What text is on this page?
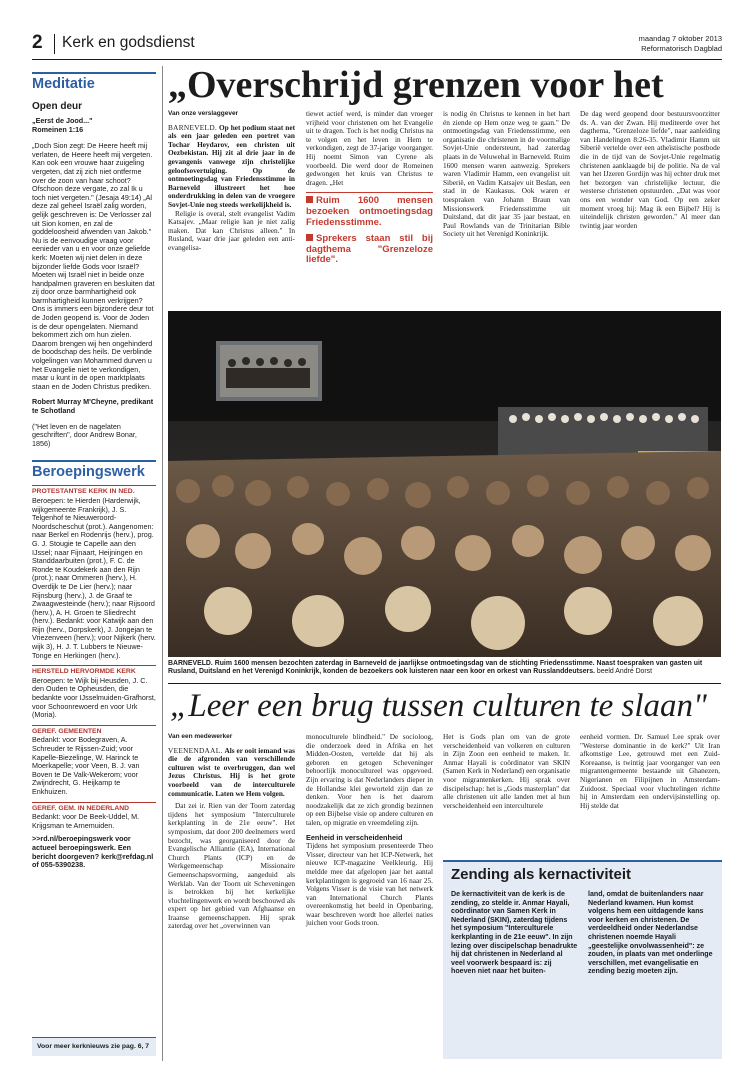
2 Kerk en godsdienst	maandag 7 oktober 2013
Reformatorisch Dagblad
Meditatie
Open deur
„Eerst de Jood..."
Romeinen 1:16

„Doch Sion zegt: De Heere heeft mij verlaten, de Heere heeft mij vergeten. Kan ook een vrouwe haar zuigeling vergeten, dat zij zich niet ontferme over de zoon van haar schoot? Ofschoon deze vergate, zo zal Ik u toch niet vergeten." (Jesaja 49:14) „Al deze zal geheel Israël zalig worden, gelijk geschreven is: De Verlosser zal uit Sion komen, en zal de goddeloosheid afwenden van Jakob." Nu is de eenvoudige vraag voor eenieder van u en voor onze geliefde kerk: Moeten wij niet delen in deze bijzonder liefde Gods voor Israël? Moeten wij Israël niet in beide onze handpalmen graveren en besluiten dat zij door onze barmhartigheid ook barmhartigheid kunnen verkrijgen? Ons is immers een bijzondere deur tot de Joden geopend is. Voor de Joden is de deur opengelaten. Niemand bekommert zich om hun zielen. Daarom brengen wij hen ongehinderd de boodschap des heils. De verblinde volgelingen van Mohammed durven u het Evangelie niet te verkondigen, maar u kunt in de open marktplaats staan en de Joden Christus prediken.

Robert Murray M'Cheyne, predikant te Schotland

("Het leven en de nagelaten geschriften", door Andrew Bonar, 1856)

Beroepingswerk
PROTESTANTSE KERK IN NED.

Beroepen: te Hierden (Harderwijk, wijkgemeente Frankrijk), J. S. Telgenhof te Nieuweroord-Noordscheschut (prot.). Aangenomen: naar Berkel en Rodenrijs (herv.), prog. G. J. Stougie te Capelle aan den IJssel; naar Fijnaart, Heijningen en Standdaarbuiten (prot.), F. C. de Ronde te Koudekerk aan den Rijn (prot.); naar Ommeren (herv.), H. Overdijk te De Lier (herv.); naar Rijnsburg (herv.), J. de Graaf te Zwaagwesteinde (herv.); naar Rijsoord (herv.), A. H. Groen te Sliedrecht (herv.). Bedankt: voor Katwijk aan den Rijn (herv., Dorpskerk), J. Jongejan te Vriezenveen (herv.); voor Nijkerk (herv. wijk 3), H. J. T. Lubbers te Nieuwe-Tonge en Herkingen (herv.).

HERSTELD HERVORMDE KERK

Beroepen: te Wijk bij Heusden, J. C. den Ouden te Opheusden, die bedankte voor IJsselmuiden-Grafhorst, voor Schoonrewoerd en voor Urk (Moria).

GEREF. GEMEENTEN

Bedankt: voor Bodegraven, A. Schreuder te Rijssen-Zuid; voor Kapelle-Biezelinge, W. Harinck te Moerkapelle; voor Veen, B. J. van Boven te De Valk-Wekerom; voor Zwijndrecht, G. Heijkamp te Enkhuizen.

GEREF. GEM. IN NEDERLAND

Bedankt: voor De Beek-Uddel, M. Krijgsman te Arnemuiden.

>>rd.nl/beroepingswerk voor actueel beroepingswerk. Een bericht doorgeven? kerk@refdag.nl of 055-5390238.

Voor meer kerknieuws zie pag. 6, 7
„Overschrijd grenzen voor het
Van onze verslaggever

BARNEVELD. Op het podium staat net als een jaar geleden een portret van Tochar Heydarov, een christen uit Oezbekistan. Hij zit al drie jaar in de gevangenis vanwege zijn christelijke geloofsovertuiging. Op de ontmoetingsdag van Friedensstimme in Barneveld illustreert het hoe onderdrukking in delen van de vroegere Sovjet-Unie nog steeds werkelijkheid is.

Religie is overal, stelt evangelist Vadim Katsajev. „Maar religie kan je niet zalig maken. Dat kan Christus alleen." In Rusland, waar drie jaar geleden een anti-evangelisa-

tiewet actief werd, is minder dan vroeger vrijheid voor christenen om het Evangelie uit te dragen. Toch is het nodig Christus na te volgen en het leven in Hem te verkondigen, zegt de 37-jarige voorganger. Hij noemt Simon van Cyrene als voorbeeld. Die werd door de Romeinen gedwongen het kruis van Christus te dragen. „Het

Ruim 1600 mensen bezoeken ontmoetingsdag Friedensstimme.
Sprekers staan stil bij dagthema "Grenzeloze liefde".

is nodig én Christus te kennen in het hart én ziende op Hem onze weg te gaan." De ontmoetingsdag van Friedensstimme, een organisatie die christenen in de voormalige Sovjet-Unie ondersteunt, had zaterdag plaats in de Veluwehal in Barneveld. Ruim 1600 mensen waren aanwezig. Sprekers waren Vladimir Hamm, een evangelist uit Siberië, en Vadim Katsajev uit Beslan, een stad in de Kaukasus. Ook waren er toespraken van Johann Braun van Missionswerk Friedensstimme uit Duitsland, dat dit jaar 35 jaar bestaat, en Paul Rowlands van de Trinitarian Bible Society uit het Verenigd Koninkrijk.

De dag werd geopend door bestuursvoorzitter ds. A. van der Zwan. Hij mediteerde over het dagthema, "Grenzeloze liefde", naar aanleiding van Handelingen 8:26-35. Vladimir Hamm uit Siberië vertelde over een atheïstische postbode die in de tijd van de Sovjet-Unie regelmatig christenen aanklaagde bij de politie. Na de val van het IJzeren Gordijn was hij echter druk met het bezorgen van christelijke lectuur, die westerse christenen opstuurden. „Dat was voor ons een wonder van God. Op een zeker moment vroeg hij: Mag ik een Bijbel? Hij is uiteindelijk christen geworden." Al meer dan twintig jaar worden

BARNEVELD. Ruim 1600 mensen bezochten zaterdag in Barneveld de jaarlijkse ontmoetingsdag van de stichting Friedensstimme. Naast toespraken van gasten uit Rusland, Duitsland en het Verenigd Koninkrijk, konden de bezoekers ook luisteren naar een koor en orkest van Russlanddeutsers. beeld André Dorst
„Leer een brug tussen culturen te slaan"
Van een medewerker

VEENENDAAL. Als er ooit iemand was die de afgronden van verschillende culturen wist te overbruggen, dan wel Jezus Christus. Hij is het grote voorbeeld van de interculturele communicatie. Laten we Hem volgen.

Dat zei ir. Rien van der Toorn zaterdag tijdens het symposium "Interculturele kerkplanting in de 21e eeuw". Het symposium, dat door 200 deelnemers werd bezocht, was georganiseerd door de Evangelische Alliantie (EA), International Church Plants (ICP) en de Werkgemeenschap Missionaire Gemeenschapsvorming, aangeduid als Werklab. Van der Toorn uit Scheveningen is betrokken bij het kerkelijke vluchtelingenwerk en wordt beschouwd als expert op het gebied van Afghaanse en Iraanse gemeenschappen. Hij sprak zaterdag over het „overwinnen van

monoculturele blindheid." De socioloog, die onderzoek deed in Afrika en het Midden-Oosten, vertelde dat hij als geboren en getogen Scheveninger behoorlijk monocultureel was opgevoed. Zijn ervaring is dat Nederlanders dieper in de Hollandse klei geworteld zijn dan ze denken. Voor hen is het daarom noodzakelijk dat ze zich grondig bezinnen op een Bijbelse visie op andere culturen en talen, op migratie en vreemdeling zijn.

Eenheid in verscheidenheid

Tijdens het symposium presenteerde Theo Visser, directeur van het ICP-Netwerk, het nieuwe ICP-magazine Veelkleurig. Hij meldde mee dat afgelopen jaar het aantal kerkplantingen is gegroeid van 16 naar 25. Volgens Visser is de visie van het netwerk van International Church Plants overeenkomstig het beeld in Openbaring, waar beschreven wordt hoe allerlei naties juichen voor Gods troon.

Het is Gods plan om van de grote verscheidenheid van volkeren en culturen in Zijn Zoon een eenheid te maken. Ir. Anmar Hayali is coördinator van SKIN (Samen Kerk in Nederland) een organisatie voor migrantenkerken. Hij sprak over discipelschap: het is „Gods masterplan" dat alle christenen uit alle landen met al hun verscheidenheid een interculturele

eenheid vormen. Dr. Samuel Lee sprak over "Westerse dominantie in de kerk?" Uit Iran afkomstige Lee, getrouwd met een Zuid-Koreaanse, is twintig jaar voorganger van een migrantengemeente bestaande uit Ghanezen, Nigerianen en Filipijnen in Amsterdam-Zuidoost. Speciaal voor vluchtelingen richtte hij in Amsterdam een ondervijsinstelling op. Hij stelde dat

Zending als kernactiviteit
De kernactiviteit van de kerk is de zending, zo stelde ir. Anmar Hayali, coördinator van Samen Kerk in Nederland (SKIN), zaterdag tijdens het symposium "Interculturele kerkplanting in de 21e eeuw". In zijn lezing over discipelschap benadrukte hij dat christenen in Nederland al veel voorwerk bespaard is: zij hoeven niet naar het buiten-
land, omdat de buitenlanders naar Nederland kwamen. Hun komst volgens hem een uitdagende kans voor kerken en christenen. De verdeeldheid onder Nederlandse christenen noemde Hayali „geestelijke onvolwassenheid": ze zouden, in plaats van met onderlinge verschillen, met evangelisatie en zending bezig moeten zijn.
